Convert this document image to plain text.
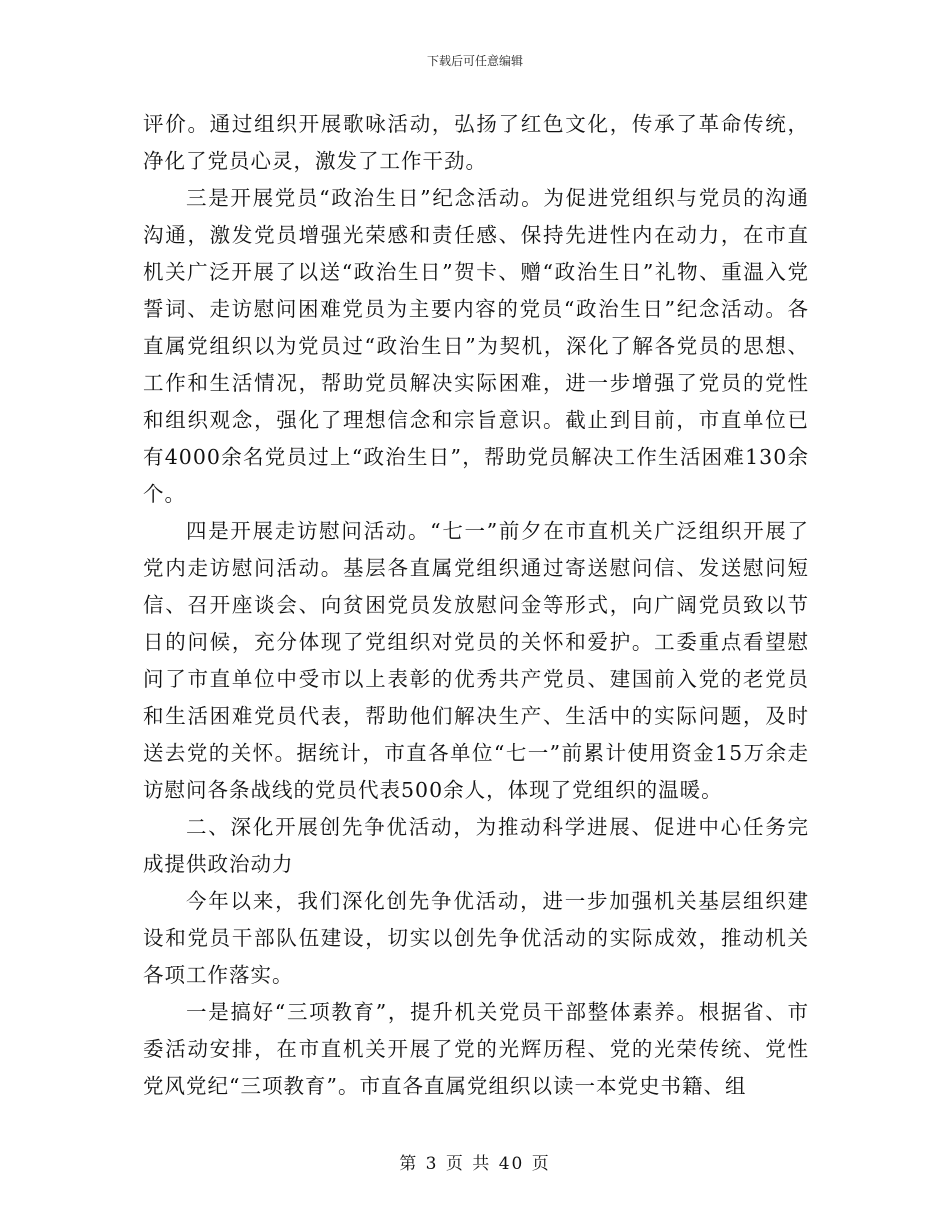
下载后可任意编辑

评价。通过组织开展歌咏活动，弘扬了红色文化，传承了革命传统，净化了党员心灵，激发了工作干劲。

三是开展党员“政治生日”纪念活动。为促进党组织与党员的沟通沟通，激发党员增强光荣感和责任感、保持先进性内在动力，在市直机关广泛开展了以送“政治生日”贺卡、赠“政治生日”礼物、重温入党誓词、走访慰问困难党员为主要内容的党员“政治生日”纪念活动。各直属党组织以为党员过“政治生日”为契机，深化了解各党员的思想、工作和生活情况，帮助党员解决实际困难，进一步增强了党员的党性和组织观念，强化了理想信念和宗旨意识。截止到目前，市直单位已有4000余名党员过上“政治生日”，帮助党员解决工作生活困难130余个。

四是开展走访慰问活动。“七一”前夕在市直机关广泛组织开展了党内走访慰问活动。基层各直属党组织通过寄送慰问信、发送慰问短信、召开座谈会、向贫困党员发放慰问金等形式，向广阔党员致以节日的问候，充分体现了党组织对党员的关怀和爱护。工委重点看望慰问了市直单位中受市以上表彰的优秀共产党员、建国前入党的老党员和生活困难党员代表，帮助他们解决生产、生活中的实际问题，及时送去党的关怀。据统计，市直各单位“七一”前累计使用资金15万余走访慰问各条战线的党员代表500余人，体现了党组织的温暖。

二、深化开展创先争优活动，为推动科学进展、促进中心任务完成提供政治动力

今年以来，我们深化创先争优活动，进一步加强机关基层组织建设和党员干部队伍建设，切实以创先争优活动的实际成效，推动机关各项工作落实。

一是搞好“三项教育”，提升机关党员干部整体素养。根据省、市委活动安排，在市直机关开展了党的光辉历程、党的光荣传统、党性党风党纪“三项教育”。市直各直属党组织以读一本党史书籍、组

第 3 页 共 40 页
